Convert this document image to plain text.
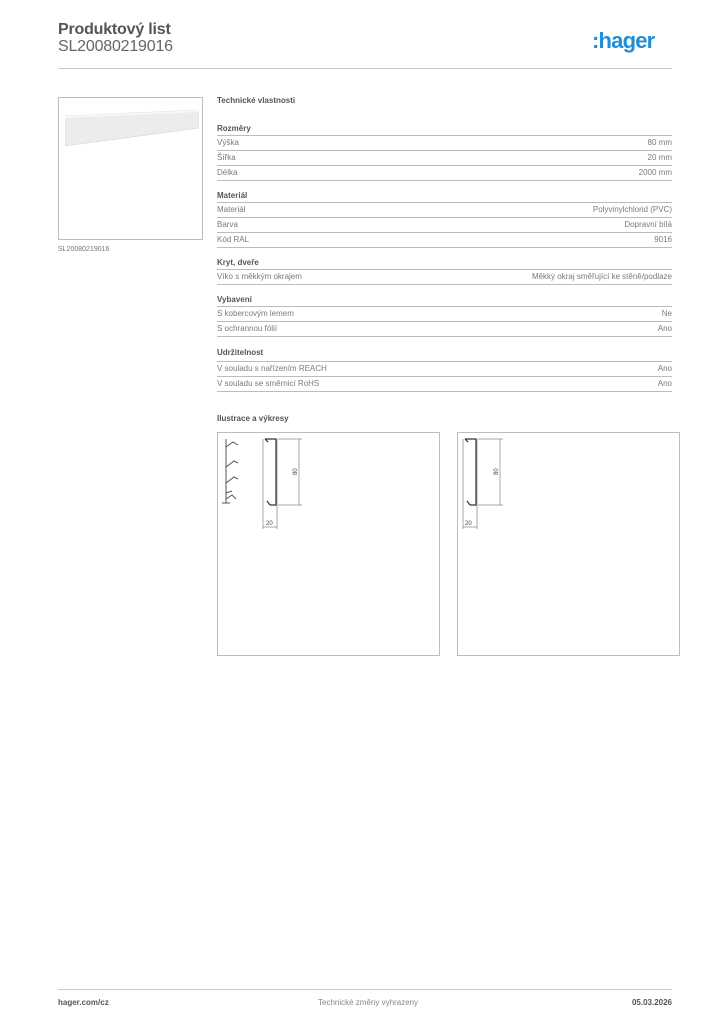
Produktový list
SL20080219016	:hager
SL20080219016
Technické vlastnosti
Rozměry
Výška	80 mm
Šířka	20 mm
Délka	2000 mm
Materiál
Materiál	Polyvinylchlorid (PVC)
Barva	Dopravní bílá
Kód RAL	9016
Kryt, dveře
Víko s měkkým okrajem	Měkký okraj směřující ke stěně/podlaze
Vybavení
S kobercovým lemem	Ne
S ochrannou fólií	Ano
Udržitelnost
V souladu s nařízením REACH	Ano
V souladu se směrnicí RoHS	Ano
Ilustrace a výkresy
80
20
80
20
hager.com/cz	Technické změny vyhrazeny	05.03.2026
